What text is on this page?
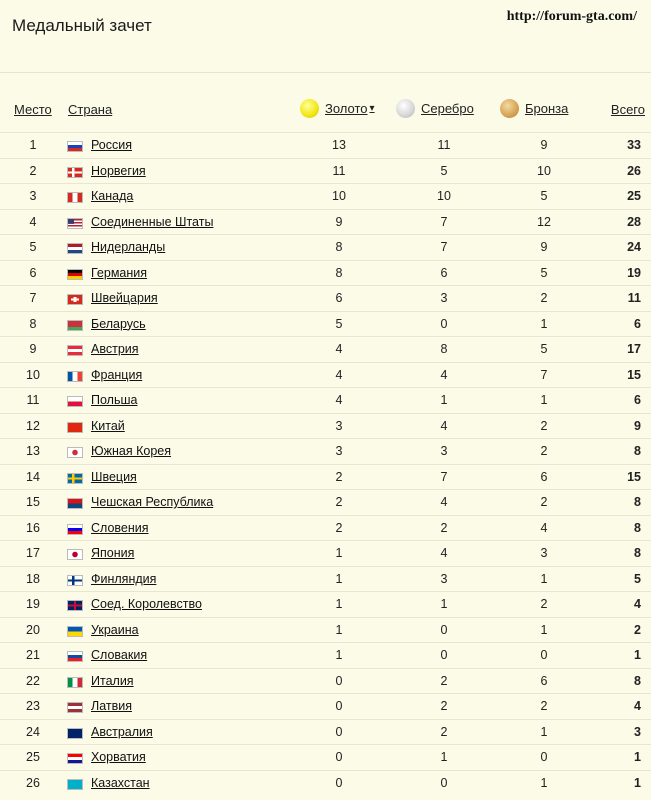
Медальный зачет	http://forum-gta.com/
Место Страна	Золото ▾	Серебро	Бронза	Всего
1	Россия	13	11	9	33
2	Норвегия	11	5	10	26
3	Канада	10	10	5	25
4	Соединенные Штаты	9	7	12	28
5	Нидерланды	8	7	9	24
6	Германия	8	6	5	19
7	Швейцария	6	3	2	11
8	Беларусь	5	0	1	6
9	Австрия	4	8	5	17
10	Франция	4	4	7	15
11	Польша	4	1	1	6
12	Китай	3	4	2	9
13	Южная Корея	3	3	2	8
14	Швеция	2	7	6	15
15	Чешская Республика	2	4	2	8
16	Словения	2	2	4	8
17	Япония	1	4	3	8
18	Финляндия	1	3	1	5
19	Соед. Королевство	1	1	2	4
20	Украина	1	0	1	2
21	Словакия	1	0	0	1
22	Италия	0	2	6	8
23	Латвия	0	2	2	4
24	Австралия	0	2	1	3
25	Хорватия	0	1	0	1
26	Казахстан	0	0	1	1
